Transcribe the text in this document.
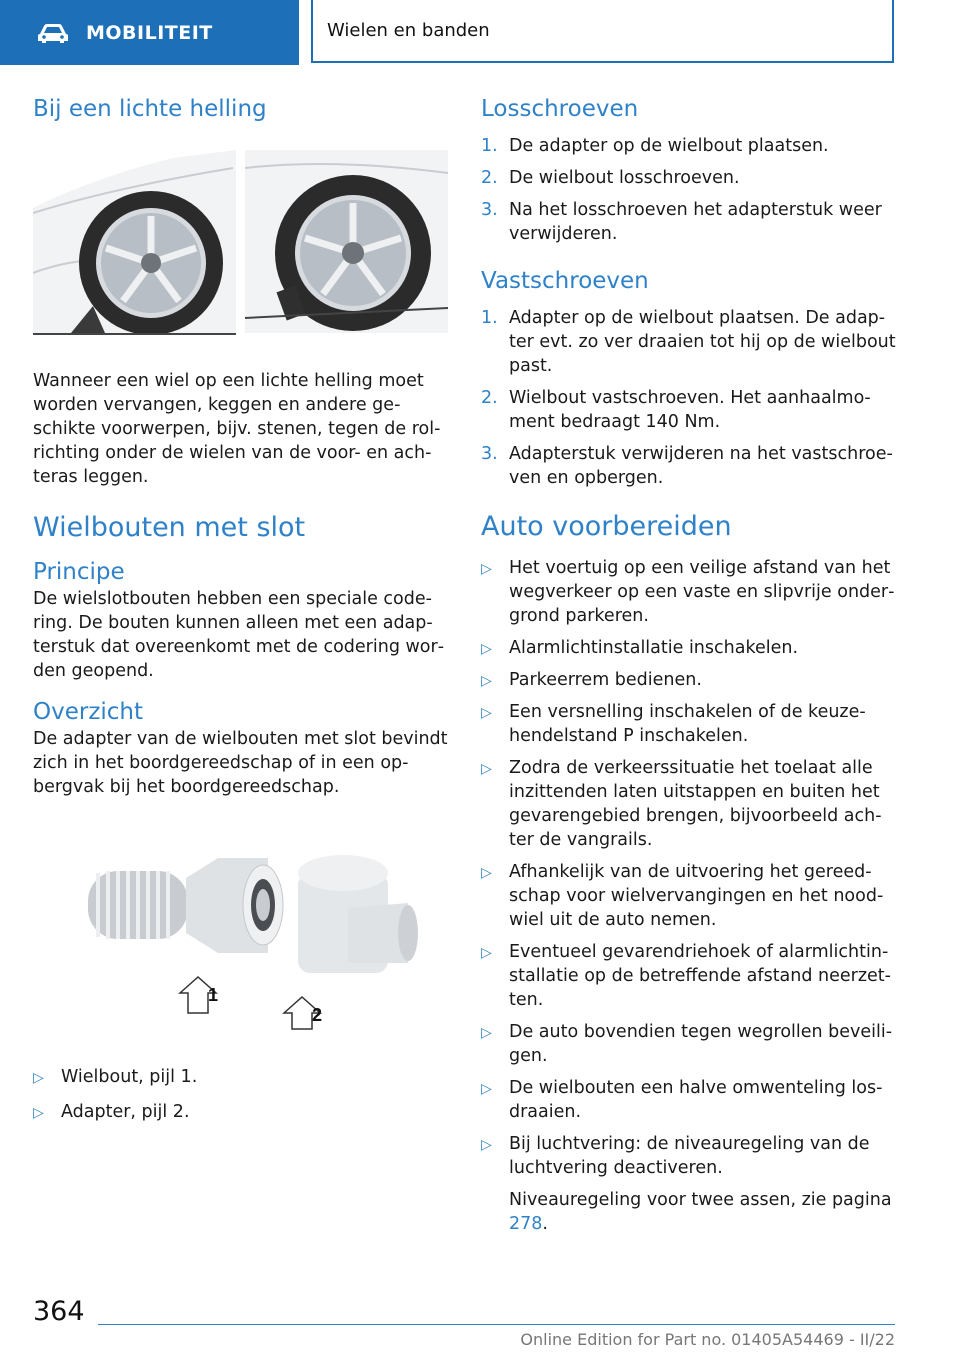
MOBILITEIT	Wielen en banden
Bij een lichte helling

Wanneer een wiel op een lichte helling moet worden vervangen, keggen en andere geschikte voorwerpen, bijv. stenen, tegen de rolrichting onder de wielen van de voor- en achteras leggen.

Wielbouten met slot
Principe

De wielslotbouten hebben een speciale codering. De bouten kunnen alleen met een adapterstuk dat overeenkomt met de codering worden geopend.

Overzicht

De adapter van de wielbouten met slot bevindt zich in het boordgereedschap of in een opbergvak bij het boordgereedschap.

1
2
▷ Wielbout, pijl 1.
▷ Adapter, pijl 2.
Losschroeven
1. De adapter op de wielbout plaatsen.
2. De wielbout losschroeven.
3. Na het losschroeven het adapterstuk weer verwijderen.
Vastschroeven
1. Adapter op de wielbout plaatsen. De adapter evt. zo ver draaien tot hij op de wielbout past.
2. Wielbout vastschroeven. Het aanhaalmoment bedraagt 140 Nm.
3. Adapterstuk verwijderen na het vastschroeven en opbergen.
Auto voorbereiden
▷ Het voertuig op een veilige afstand van het wegverkeer op een vaste en slipvrije ondergrond parkeren.
▷ Alarmlichtinstallatie inschakelen.
▷ Parkeerrem bedienen.
▷ Een versnelling inschakelen of de keuzehendelstand P inschakelen.
▷ Zodra de verkeerssituatie het toelaat alle inzittenden laten uitstappen en buiten het gevarengebied brengen, bijvoorbeeld achter de vangrails.
▷ Afhankelijk van de uitvoering het gereedschap voor wielvervangingen en het noodwiel uit de auto nemen.
▷ Eventueel gevarendriehoek of alarmlichtinstallatie op de betreffende afstand neerzetten.
▷ De auto bovendien tegen wegrollen beveiligen.
▷ De wielbouten een halve omwenteling losdraaien.
▷ Bij luchtvering: de niveauregeling van de luchtvering deactiveren.

Niveauregeling voor twee assen, zie pagina 278.

364
Online Edition for Part no. 01405A54469 - II/22
